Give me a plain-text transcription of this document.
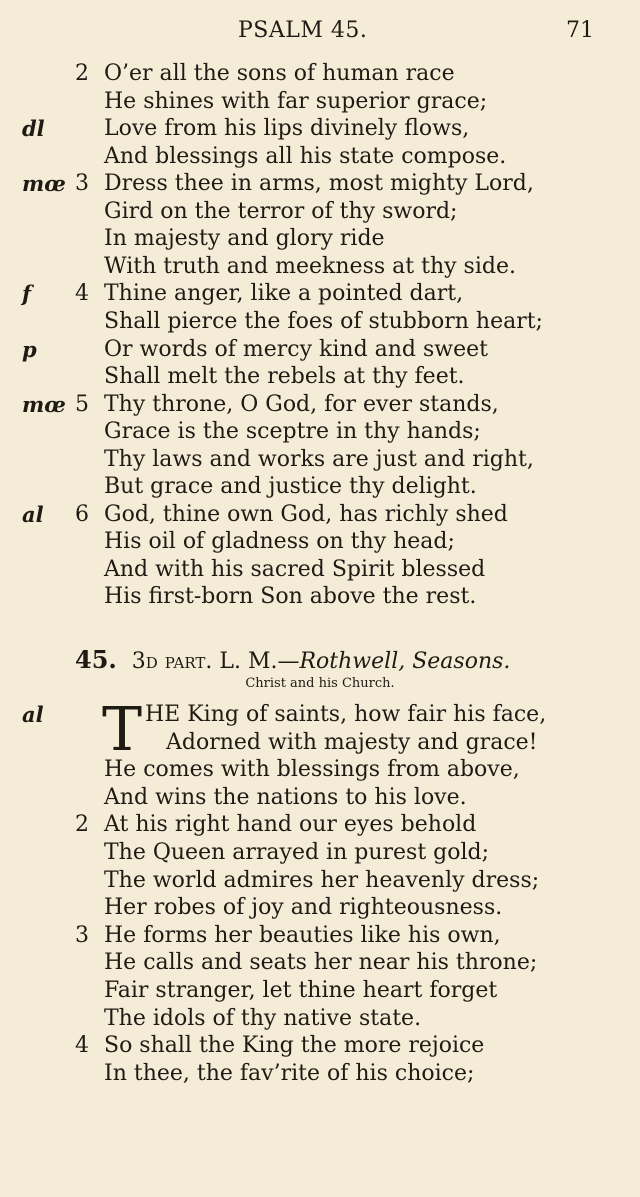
PSALM 45.	71
2 O’er all the sons of human race
He shines with far superior grace;
dl	Love from his lips divinely flows,
And blessings all his state compose.
mœ 3 Dress thee in arms, most mighty Lord,
Gird on the terror of thy sword;
In majesty and glory ride
With truth and meekness at thy side.
f	4 Thine anger, like a pointed dart,
Shall pierce the foes of stubborn heart;
p	Or words of mercy kind and sweet
Shall melt the rebels at thy feet.
mœ 5 Thy throne, O God, for ever stands,
Grace is the sceptre in thy hands;
Thy laws and works are just and right,
But grace and justice thy delight.
al	6 God, thine own God, has richly shed
His oil of gladness on thy head;
And with his sacred Spirit blessed
His first-born Son above the rest.
45. 3d part. L. M.—Rothwell, Seasons.
Christ and his Church.
T
al	HE King of saints, how fair his face,
Adorned with majesty and grace!
He comes with blessings from above,
And wins the nations to his love.
2 At his right hand our eyes behold
The Queen arrayed in purest gold;
The world admires her heavenly dress;
Her robes of joy and righteousness.
3 He forms her beauties like his own,
He calls and seats her near his throne;
Fair stranger, let thine heart forget
The idols of thy native state.
4 So shall the King the more rejoice
In thee, the fav’rite of his choice;
